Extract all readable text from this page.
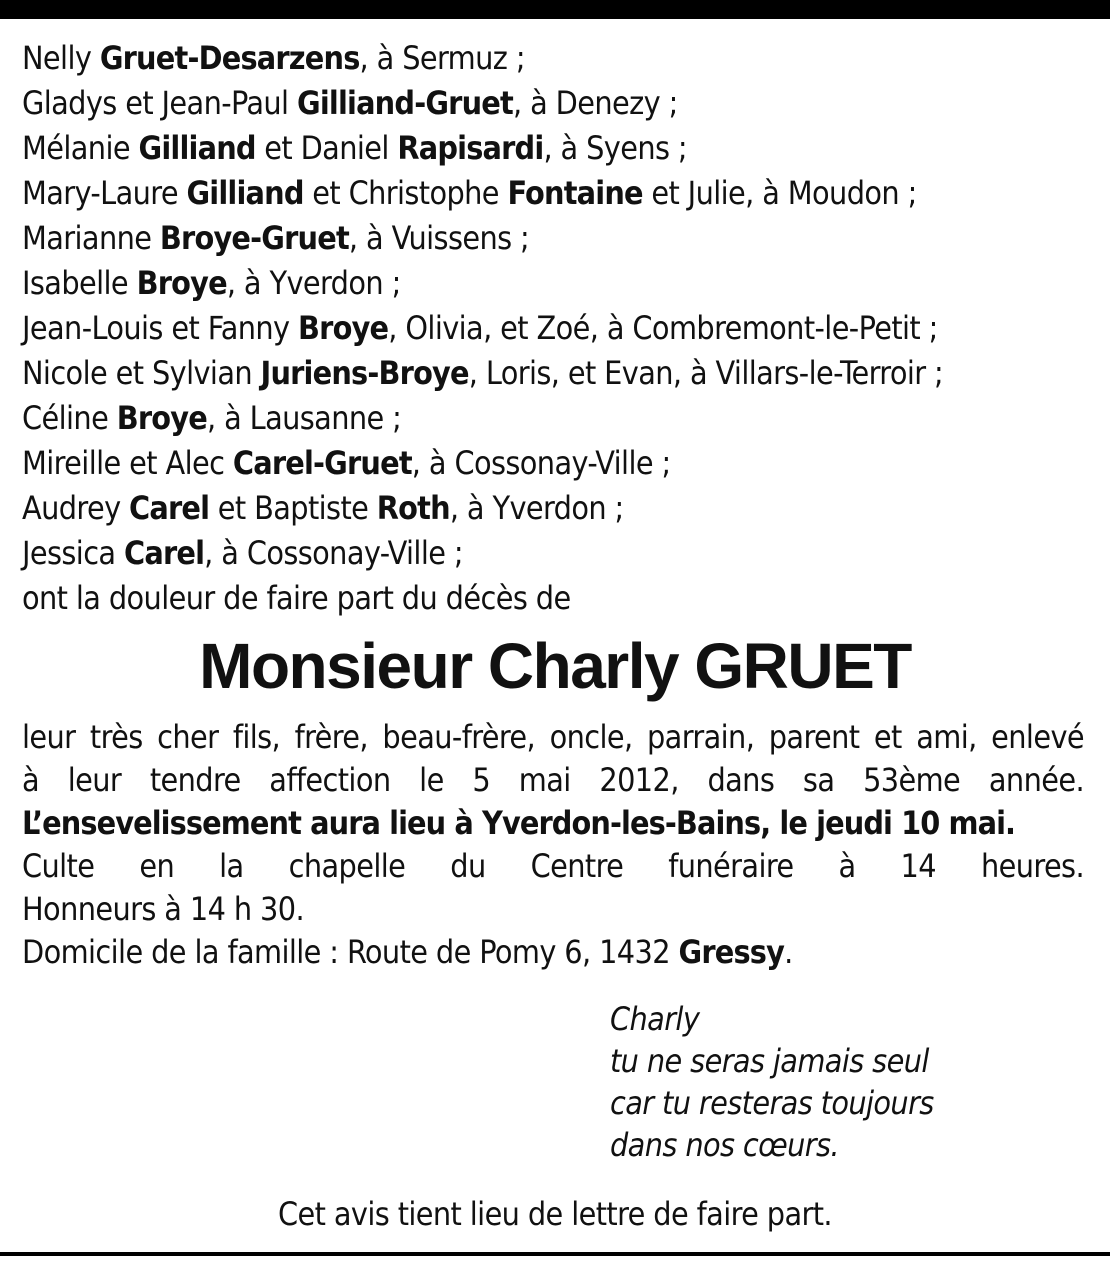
Nelly Gruet-Desarzens, à Sermuz ;
Gladys et Jean-Paul Gilliand-Gruet, à Denezy ;
Mélanie Gilliand et Daniel Rapisardi, à Syens ;
Mary-Laure Gilliand et Christophe Fontaine et Julie, à Moudon ;
Marianne Broye-Gruet, à Vuissens ;
Isabelle Broye, à Yverdon ;
Jean-Louis et Fanny Broye, Olivia, et Zoé, à Combremont-le-Petit ;
Nicole et Sylvian Juriens-Broye, Loris, et Evan, à Villars-le-Terroir ;
Céline Broye, à Lausanne ;
Mireille et Alec Carel-Gruet, à Cossonay-Ville ;
Audrey Carel et Baptiste Roth, à Yverdon ;
Jessica Carel, à Cossonay-Ville ;
ont la douleur de faire part du décès de
Monsieur Charly GRUET
leur très cher fils, frère, beau-frère, oncle, parrain, parent et ami, enlevé
à leur tendre affection le 5 mai 2012, dans sa 53ème année.
L’ensevelissement aura lieu à Yverdon-les-Bains, le jeudi 10 mai.
Culte en la chapelle du Centre funéraire à 14 heures.
Honneurs à 14 h 30.
Domicile de la famille : Route de Pomy 6, 1432 Gressy.
Charly
tu ne seras jamais seul
car tu resteras toujours
dans nos cœurs.
Cet avis tient lieu de lettre de faire part.
